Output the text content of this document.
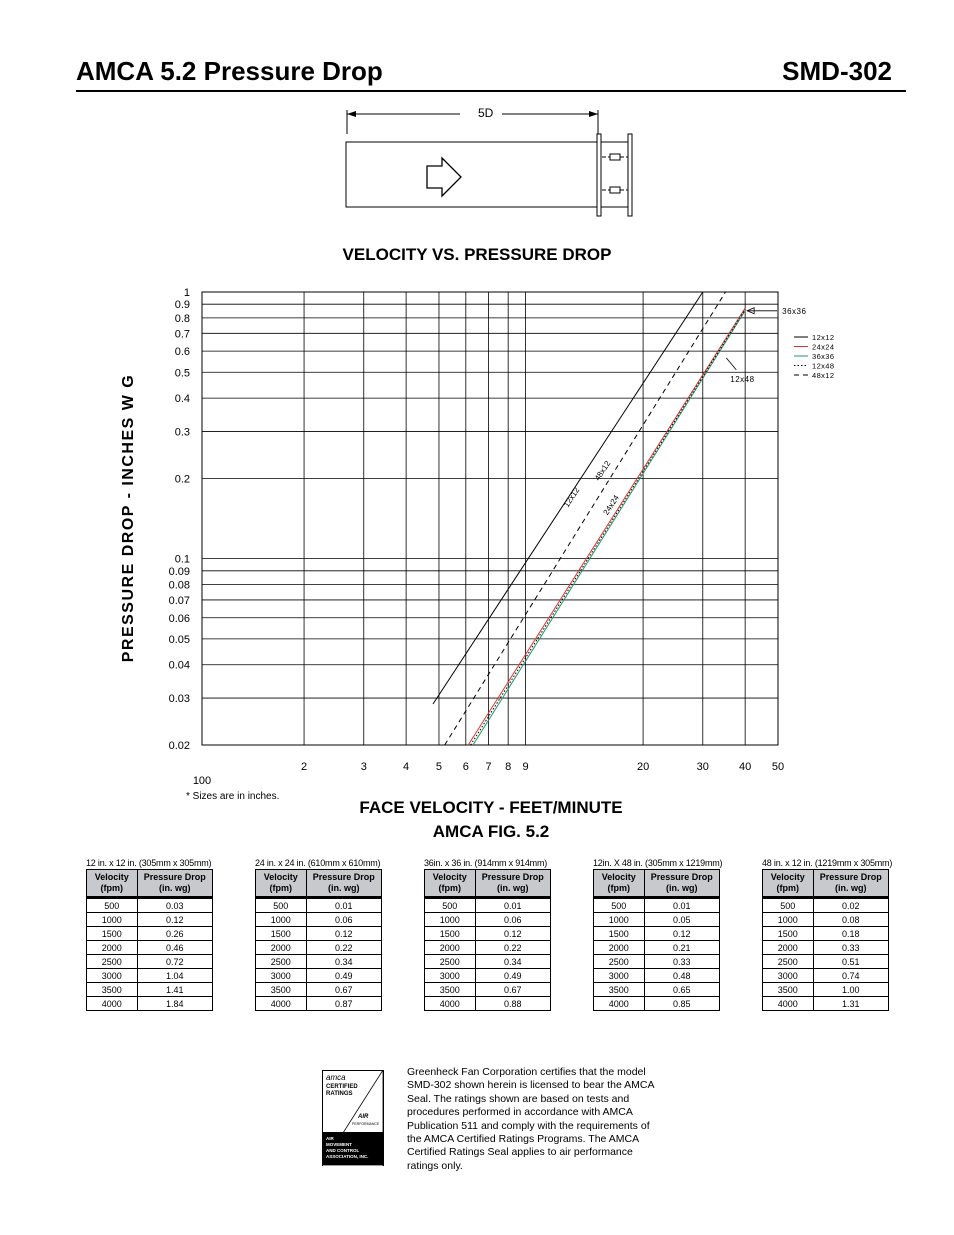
AMCA 5.2 Pressure Drop	SMD-302
5D
VELOCITY VS. PRESSURE DROP
PRESSURE DROP - INCHES W G
1
0.9
0.8
0.7
0.6
0.5
0.4
0.3
0.2
0.1
0.09
0.08
0.07
0.06
0.05
0.04
0.03
0.02
2	3	4 5 6 7 8 9	20	30	40 50
100
12x12
48x12
24x24
36x36
12x48
12x12
24x24
36x36
12x48
48x12
* Sizes are in inches.
FACE VELOCITY - FEET/MINUTE
AMCA FIG. 5.2
12 in. x 12 in. (305mm x 305mm)
Velocity (fpm)	Pressure Drop (in. wg)
500	0.03
1000	0.12
1500	0.26
2000	0.46
2500	0.72
3000	1.04
3500	1.41
4000	1.84
24 in. x 24 in. (610mm x 610mm)
Velocity (fpm)	Pressure Drop (in. wg)
500	0.01
1000	0.06
1500	0.12
2000	0.22
2500	0.34
3000	0.49
3500	0.67
4000	0.87
36in. x 36 in. (914mm x 914mm)
Velocity (fpm)	Pressure Drop (in. wg)
500	0.01
1000	0.06
1500	0.12
2000	0.22
2500	0.34
3000	0.49
3500	0.67
4000	0.88
12in. X 48 in. (305mm x 1219mm)
Velocity (fpm)	Pressure Drop (in. wg)
500	0.01
1000	0.05
1500	0.12
2000	0.21
2500	0.33
3000	0.48
3500	0.65
4000	0.85
48 in. x 12 in. (1219mm x 305mm)
Velocity (fpm)	Pressure Drop (in. wg)
500	0.02
1000	0.08
1500	0.18
2000	0.33
2500	0.51
3000	0.74
3500	1.00
4000	1.31
amca
CERTIFIED
RATINGS
AIR
PERFORMANCE
AIR
MOVEMENT
AND CONTROL
ASSOCIATION, INC.
Greenheck Fan Corporation certifies that the model SMD-302 shown herein is licensed to bear the AMCA Seal. The ratings shown are based on tests and procedures performed in accordance with AMCA Publication 511 and comply with the requirements of the AMCA Certified Ratings Programs. The AMCA Certified Ratings Seal applies to air performance ratings only.
